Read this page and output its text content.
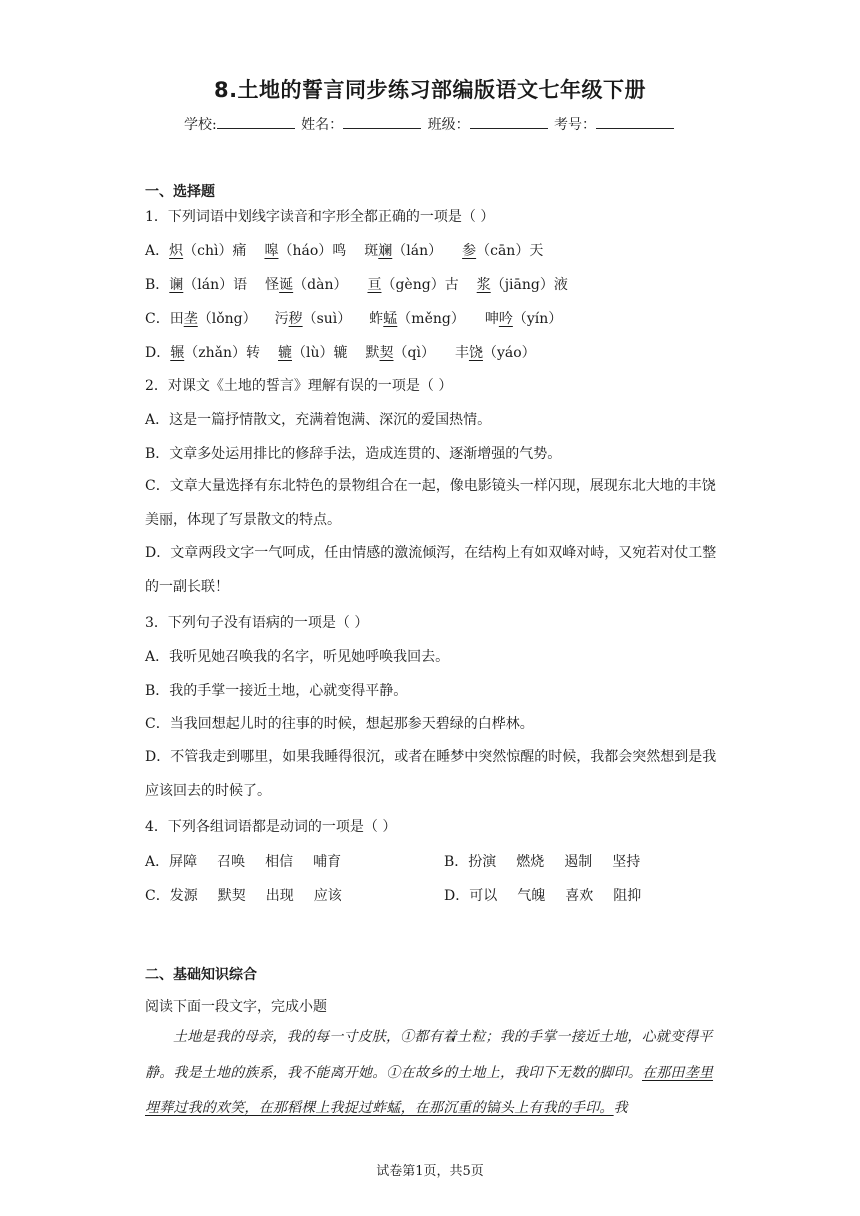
8.土地的誓言同步练习部编版语文七年级下册
学校:	姓名：	班级：	考号：
一、选择题
1．下列词语中划线字读音和字形全都正确的一项是（ ）
A．炽（chì）痛 嗥（háo）鸣 斑斓（lán） 参（cān）天
B．谰（lán）语 怪诞（dàn） 亘（gèng）古 浆（jiāng）液
C．田垄（lǒng） 污秽（suì） 蚱蜢（měng） 呻吟（yín）
D．辗（zhǎn）转 辘（lù）辘 默契（qì） 丰饶（yáo）
2．对课文《土地的誓言》理解有误的一项是（ ）
A．这是一篇抒情散文，充满着饱满、深沉的爱国热情。
B．文章多处运用排比的修辞手法，造成连贯的、逐渐增强的气势。
C．文章大量选择有东北特色的景物组合在一起，像电影镜头一样闪现，展现东北大地的丰饶美丽，体现了写景散文的特点。
D．文章两段文字一气呵成，任由情感的激流倾泻，在结构上有如双峰对峙，又宛若对仗工整的一副长联！
3．下列句子没有语病的一项是（ ）
A．我听见她召唤我的名字，听见她呼唤我回去。
B．我的手掌一接近土地，心就变得平静。
C．当我回想起儿时的往事的时候，想起那参天碧绿的白桦林。
D．不管我走到哪里，如果我睡得很沉，或者在睡梦中突然惊醒的时候，我都会突然想到是我应该回去的时候了。
4．下列各组词语都是动词的一项是（ ）
A．屏障 召唤 相信 哺育	B．扮演 燃烧 遏制 坚持
C．发源 默契 出现 应该	D．可以 气魄 喜欢 阻抑
二、基础知识综合
阅读下面一段文字，完成小题
土地是我的母亲，我的每一寸皮肤，①都 ·有着土粒；我的手掌一接近土地，心就变得平静。我是土地的族系，我不能离开她。①在 ·故乡的土地上，我印下无数的脚印。在那田垄里埋葬过我的欢笑，在那稻棵上我捉过蚱蜢，在那沉重的镐头上有我的手印。我
试卷第1页，共5页
